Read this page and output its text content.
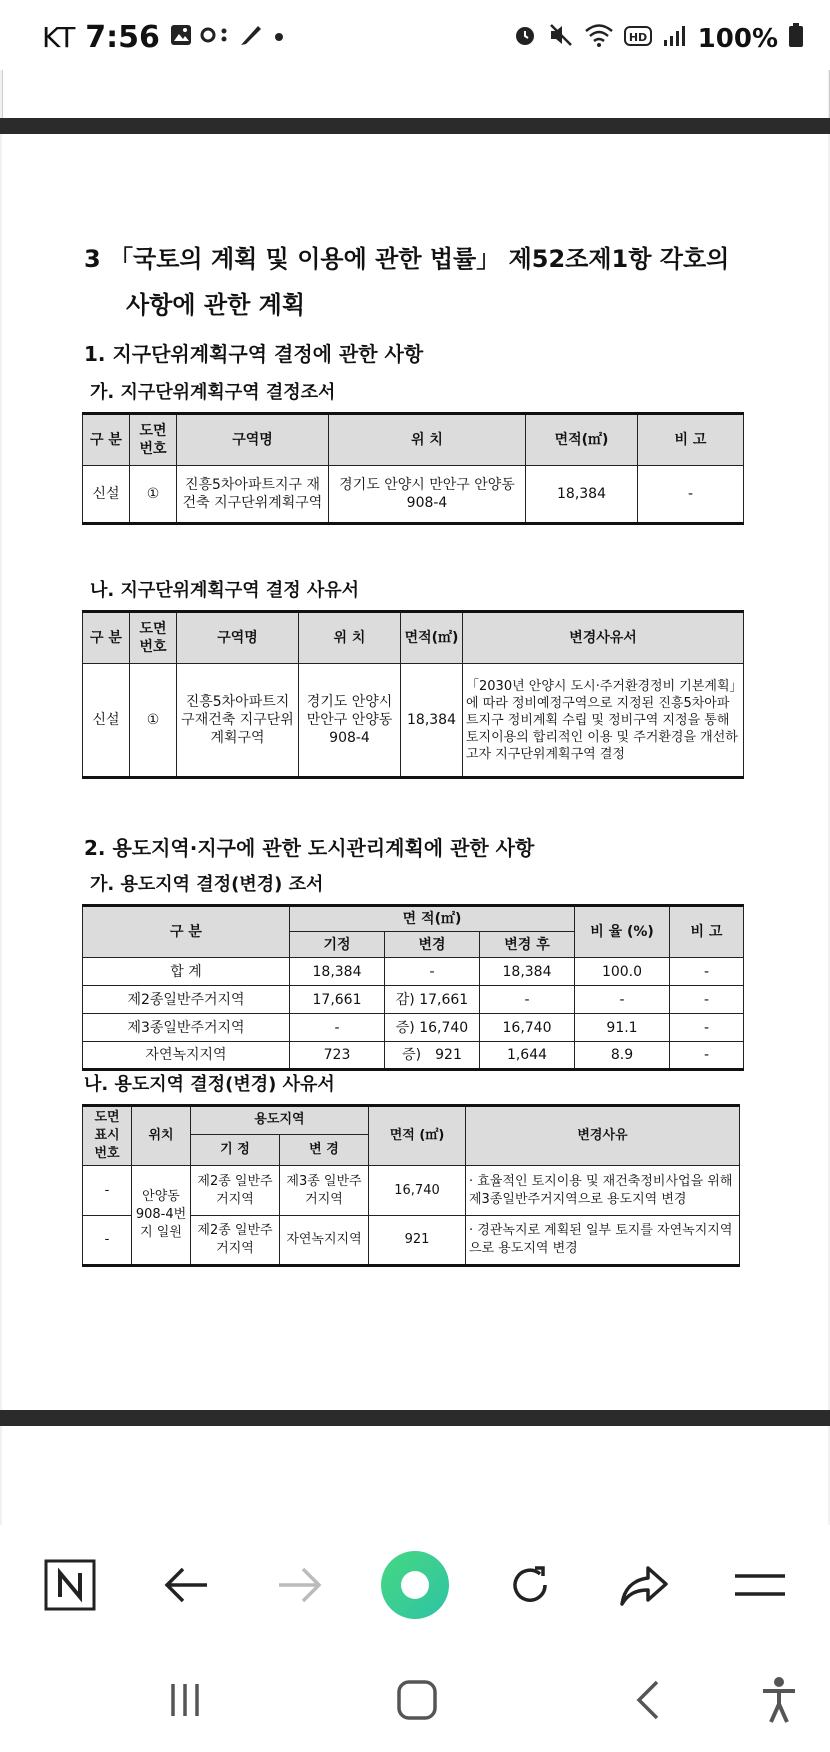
KT 7:56	HD 100%
3 「국토의 계획 및 이용에 관한 법률」 제52조제1항 각호의
사항에 관한 계획
1. 지구단위계획구역 결정에 관한 사항
가. 지구단위계획구역 결정조서
구 분	도면 번호	구역명	위 치	면적(㎡)	비 고
신설	①	진흥5차아파트지구 재건축 지구단위계획구역	경기도 안양시 만안구 안양동 908-4	18,384	-
나. 지구단위계획구역 결정 사유서
구 분	도면 번호	구역명	위 치	면적(㎡)	변경사유서
신설	①	진흥5차아파트지구재건축 지구단위계획구역	경기도 안양시 만안구 안양동 908-4	18,384	「2030년 안양시 도시·주거환경정비 기본계획」에 따라 정비예정구역으로 지정된 진흥5차아파트지구 정비계획 수립 및 정비구역 지정을 통해 토지이용의 합리적인 이용 및 주거환경을 개선하고자 지구단위계획구역 결정
2. 용도지역·지구에 관한 도시관리계획에 관한 사항
가. 용도지역 결정(변경) 조서
구 분	면 적(㎡)			비 율 (%)	비 고
	기정	변경	변경 후		
합 계	18,384	-	18,384	100.0	-
제2종일반주거지역	17,661	감) 17,661	-	-	-
제3종일반주거지역	-	증) 16,740	16,740	91.1	-
자연녹지지역	723	증)　921	1,644	8.9	-
나. 용도지역 결정(변경) 사유서
도면 표시 번호	위치	용도지역		면적 (㎡)	변경사유
		기 정	변 경		
-	안양동 908-4번지 일원	제2종 일반주거지역	제3종 일반주거지역	16,740	· 효율적인 토지이용 및 재건축정비사업을 위해 제3종일반주거지역으로 용도지역 변경
-		제2종 일반주거지역	자연녹지지역	921	· 경관녹지로 계획된 일부 토지를 자연녹지지역으로 용도지역 변경
